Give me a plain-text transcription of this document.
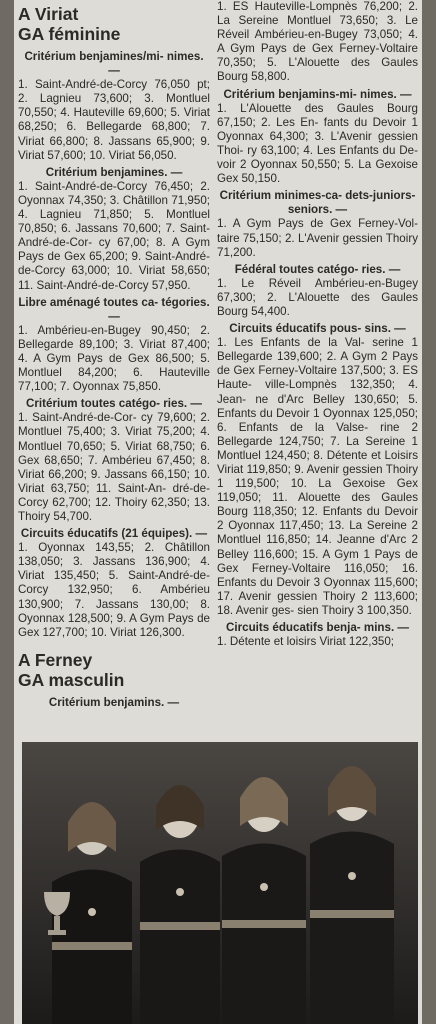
A Viriat
GA féminine

Critérium benjamines/mi- nimes. —

1. Saint-André-de-Corcy 76,050 pt; 2. Lagnieu 73,600; 3. Montluel 70,550; 4. Hauteville 69,600; 5. Viriat 68,250; 6. Bellegarde 68,800; 7. Viriat 66,800; 8. Jassans 65,900; 9. Viriat 57,600; 10. Viriat 56,050.

Critérium benjamines. —

1. Saint-André-de-Corcy 76,450; 2. Oyonnax 74,350; 3. Châtillon 71,950; 4. Lagnieu 71,850; 5. Montluel 70,850; 6. Jassans 70,600; 7. Saint-André-de-Cor- cy 67,00; 8. A Gym Pays de Gex 65,200; 9. Saint-André-de-Corcy 63,000; 10. Viriat 58,650; 11. Saint-André-de-Corcy 57,950.

Libre aménagé toutes ca- tégories. —

1. Ambérieu-en-Bugey 90,450; 2. Bellegarde 89,100; 3. Viriat 87,400; 4. A Gym Pays de Gex 86,500; 5. Montluel 84,200; 6. Hauteville 77,100; 7. Oyonnax 75,850.

Critérium toutes catégo- ries. —

1. Saint-André-de-Cor- cy 79,600; 2. Montluel 75,400; 3. Viriat 75,200; 4. Montluel 70,650; 5. Viriat 68,750; 6. Gex 68,650; 7. Ambérieu 67,450; 8. Viriat 66,200; 9. Jassans 66,150; 10. Viriat 63,750; 11. Saint-An- dré-de-Corcy 62,700; 12. Thoiry 62,350; 13. Thoiry 54,700.

Circuits éducatifs (21 équipes). —

1. Oyonnax 143,55; 2. Châtillon 138,050; 3. Jassans 136,900; 4. Viriat 135,450; 5. Saint-André-de-Corcy 132,950; 6. Ambérieu 130,900; 7. Jassans 130,00; 8. Oyonnax 128,500; 9. A Gym Pays de Gex 127,700; 10. Viriat 126,300.

A Ferney
GA masculin

Critérium benjamins. —

1. ES Hauteville-Lompnès 76,200; 2. La Sereine Montluel 73,650; 3. Le Réveil Ambérieu-en-Bugey 73,050; 4. A Gym Pays de Gex Ferney-Voltaire 70,350; 5. L'Alouette des Gaules Bourg 58,800.

Critérium benjamins-mi- nimes. —

1. L'Alouette des Gaules Bourg 67,150; 2. Les En- fants du Devoir 1 Oyonnax 64,300; 3. L'Avenir gessien Thoi- ry 63,100; 4. Les Enfants du De- voir 2 Oyonnax 50,550; 5. La Gexoise Gex 50,150.

Critérium minimes-ca- dets-juniors-seniors. —

1. A Gym Pays de Gex Ferney-Vol- taire 75,150; 2. L'Avenir gessien Thoiry 71,200.

Fédéral toutes catégo- ries. —

1. Le Réveil Ambérieu-en-Bugey 67,300; 2. L'Alouette des Gaules Bourg 54,400.

Circuits éducatifs pous- sins. —

1. Les Enfants de la Val- serine 1 Bellegarde 139,600; 2. A Gym 2 Pays de Gex Ferney-Voltaire 137,500; 3. ES Haute- ville-Lompnès 132,350; 4. Jean- ne d'Arc Belley 130,650; 5. Enfants du Devoir 1 Oyonnax 125,050; 6. Enfants de la Valse- rine 2 Bellegarde 124,750; 7. La Sereine 1 Montluel 124,450; 8. Détente et Loisirs Viriat 119,850; 9. Avenir gessien Thoiry 1 119,500; 10. La Gexoise Gex 119,050; 11. Alouette des Gaules Bourg 118,350; 12. Enfants du Devoir 2 Oyonnax 117,450; 13. La Sereine 2 Montluel 116,850; 14. Jeanne d'Arc 2 Belley 116,600; 15. A Gym 1 Pays de Gex Ferney-Voltaire 116,050; 16. Enfants du Devoir 3 Oyonnax 115,600; 17. Avenir gessien Thoiry 2 113,600; 18. Avenir ges- sien Thoiry 3 100,350.

Circuits éducatifs benja- mins. —

1. Détente et loisirs Viriat 122,350;
